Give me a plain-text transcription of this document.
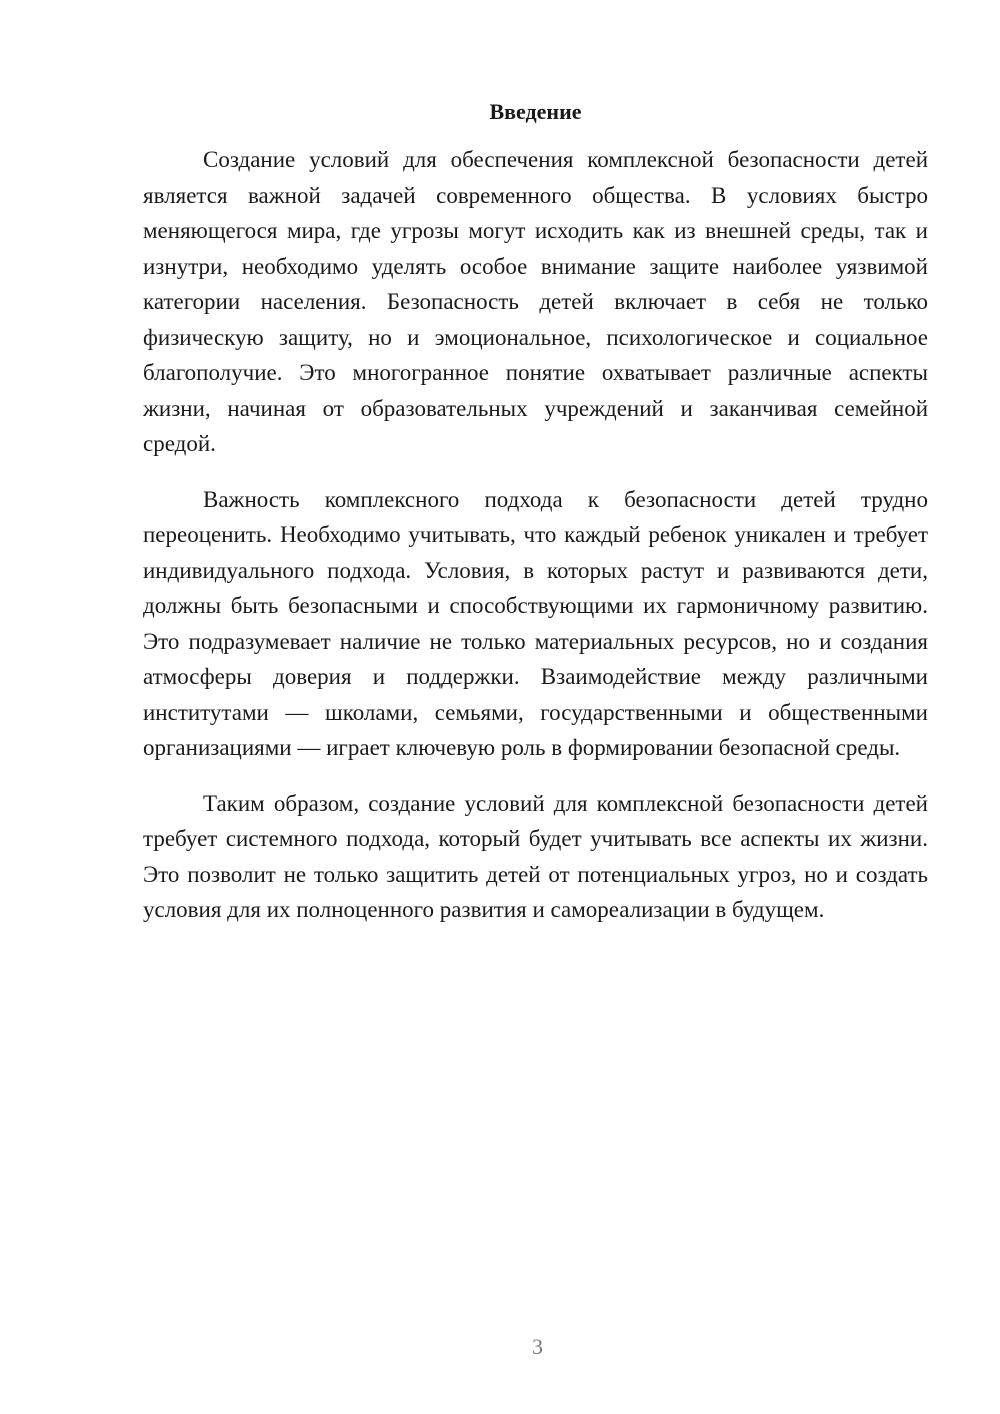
Введение

Создание условий для обеспечения комплексной безопасности детей является важной задачей современного общества. В условиях быстро меняющегося мира, где угрозы могут исходить как из внешней среды, так и изнутри, необходимо уделять особое внимание защите наиболее уязвимой категории населения. Безопасность детей включает в себя не только физическую защиту, но и эмоциональное, психологическое и социальное благополучие. Это многогранное понятие охватывает различные аспекты жизни, начиная от образовательных учреждений и заканчивая семейной средой.

Важность комплексного подхода к безопасности детей трудно переоценить. Необходимо учитывать, что каждый ребенок уникален и требует индивидуального подхода. Условия, в которых растут и развиваются дети, должны быть безопасными и способствующими их гармоничному развитию. Это подразумевает наличие не только материальных ресурсов, но и создания атмосферы доверия и поддержки. Взаимодействие между различными институтами — школами, семьями, государственными и общественными организациями — играет ключевую роль в формировании безопасной среды.

Таким образом, создание условий для комплексной безопасности детей требует системного подхода, который будет учитывать все аспекты их жизни. Это позволит не только защитить детей от потенциальных угроз, но и создать условия для их полноценного развития и самореализации в будущем.

3
